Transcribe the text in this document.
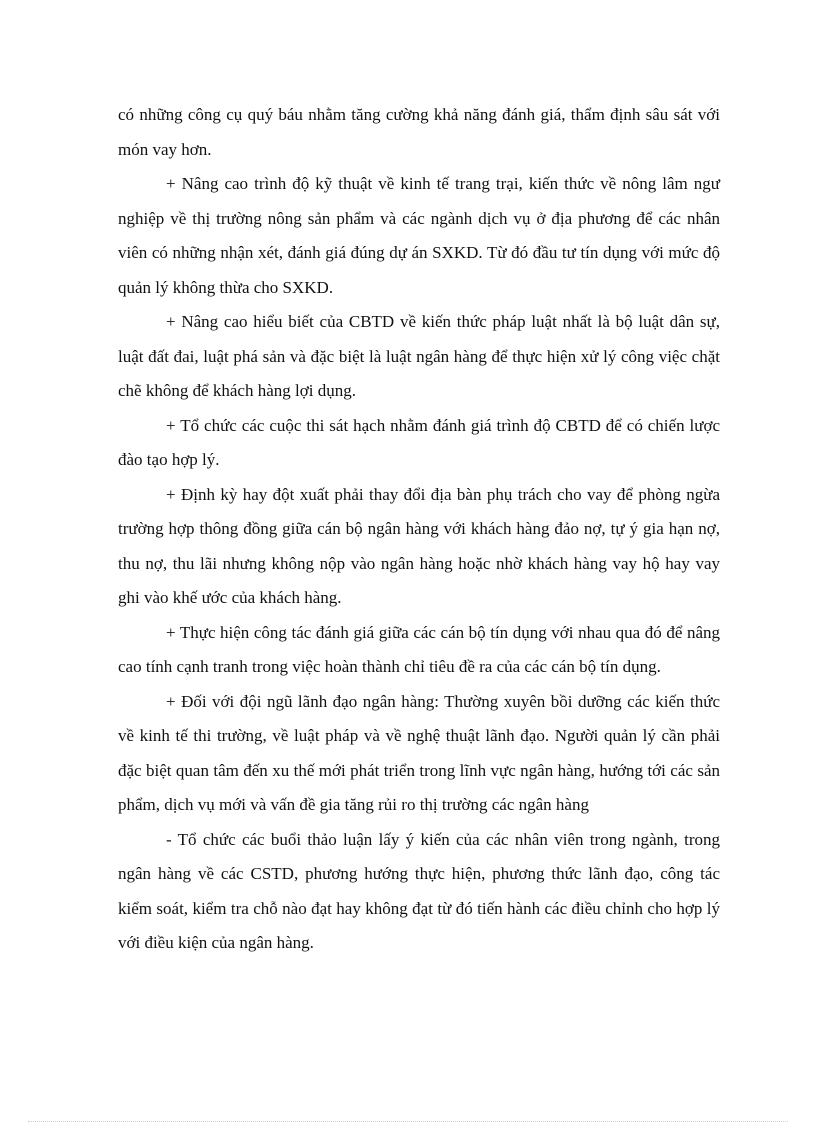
có những công cụ quý báu nhằm tăng cường khả năng đánh giá, thẩm định sâu sát với món vay hơn.

+ Nâng cao trình độ kỹ thuật về kinh tế trang trại, kiến thức về nông lâm ngư nghiệp về thị trường nông sản phẩm và các ngành dịch vụ ở địa phương để các nhân viên có những nhận xét, đánh giá đúng dự án SXKD. Từ đó đầu tư tín dụng với mức độ quản lý không thừa cho SXKD.

+ Nâng cao hiểu biết của CBTD về kiến thức pháp luật nhất là bộ luật dân sự, luật đất đai, luật phá sản và đặc biệt là luật ngân hàng để thực hiện xử lý công việc chặt chẽ không để khách hàng lợi dụng.

+ Tổ chức các cuộc thi sát hạch nhằm đánh giá trình độ CBTD để có chiến lược đào tạo hợp lý.

+ Định kỳ hay đột xuất phải thay đổi địa bàn phụ trách cho vay để phòng ngừa trường hợp thông đồng giữa cán bộ ngân hàng với khách hàng đảo nợ, tự ý gia hạn nợ, thu nợ, thu lãi nhưng không nộp vào ngân hàng hoặc nhờ khách hàng vay hộ hay vay ghi vào khế ước của khách hàng.

+ Thực hiện công tác đánh giá giữa các cán bộ tín dụng với nhau qua đó để nâng cao tính cạnh tranh trong việc hoàn thành chỉ tiêu đề ra của các cán bộ tín dụng.

+ Đối với đội ngũ lãnh đạo ngân hàng: Thường xuyên bồi dưỡng các kiến thức về kinh tế thi trường, về luật pháp và về nghệ thuật lãnh đạo. Người quản lý cần phải đặc biệt quan tâm đến xu thế mới phát triển trong lĩnh vực ngân hàng, hướng tới các sản phẩm, dịch vụ mới và vấn đề gia tăng rủi ro thị trường các ngân hàng

- Tổ chức các buổi thảo luận lấy ý kiến của các nhân viên trong ngành, trong ngân hàng về các CSTD, phương hướng thực hiện, phương thức lãnh đạo, công tác kiểm soát, kiểm tra chỗ nào đạt hay không đạt từ đó tiến hành các điều chỉnh cho hợp lý với điều kiện của ngân hàng.
